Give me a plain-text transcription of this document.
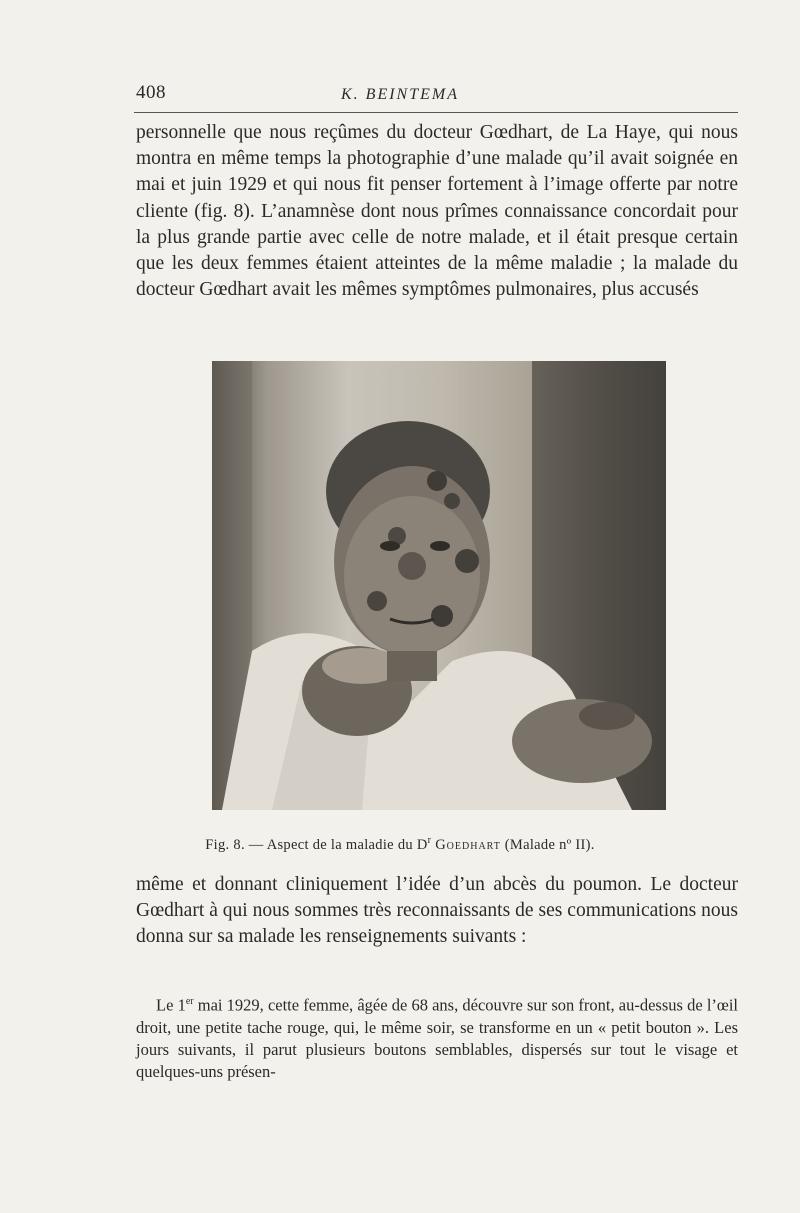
408	K. BEINTEMA

personnelle que nous reçûmes du docteur Gœdhart, de La Haye, qui nous montra en même temps la photographie d’une malade qu’il avait soignée en mai et juin 1929 et qui nous fit penser fortement à l’image offerte par notre cliente (fig. 8). L’anamnèse dont nous prîmes connaissance concordait pour la plus grande partie avec celle de notre malade, et il était presque certain que les deux femmes étaient atteintes de la même maladie ; la malade du docteur Gœdhart avait les mêmes symptômes pulmonaires, plus accusés

Fig. 8. — Aspect de la maladie du $D^r$ Goedhart (Malade nº II).

même et donnant cliniquement l’idée d’un abcès du poumon. Le docteur Gœdhart à qui nous sommes très reconnaissants de ses communications nous donna sur sa malade les renseignements suivants :

Le 1er mai 1929, cette femme, âgée de 68 ans, découvre sur son front, au-dessus de l’œil droit, une petite tache rouge, qui, le même soir, se transforme en un « petit bouton ». Les jours suivants, il parut plusieurs boutons semblables, dispersés sur tout le visage et quelques-uns présen-
